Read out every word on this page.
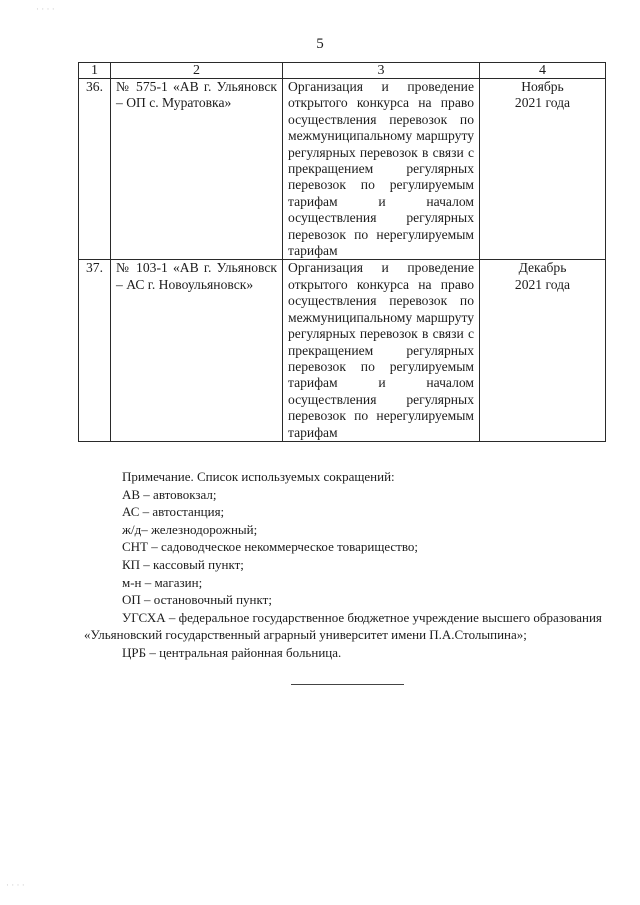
5
1	2	3	4
36.	№ 575-1 «АВ г. Ульяновск – ОП с. Муратовка»	Организация и проведение открытого конкурса на право осуществления перевозок по межмуниципальному маршруту регулярных перевозок в связи с прекращением регулярных перевозок по регулируемым тарифам и началом осуществления регулярных перевозок по нерегулируемым тарифам	Ноябрь
2021 года

37.	№ 103-1 «АВ г. Ульяновск – АС г. Новоульяновск»	Организация и проведение открытого конкурса на право осуществления перевозок по межмуниципальному маршруту регулярных перевозок в связи с прекращением регулярных перевозок по регулируемым тарифам и началом осуществления регулярных перевозок по нерегулируемым тарифам	Декабрь
2021 года

Примечание. Список используемых сокращений:

АВ – автовокзал;

АС – автостанция;

ж/д– железнодорожный;

СНТ – садоводческое некоммерческое товарищество;

КП – кассовый пункт;

м-н – магазин;

ОП – остановочный пункт;

УГСХА – федеральное государственное бюджетное учреждение высшего образования

«Ульяновский государственный аграрный университет имени П.А.Столыпина»;

ЦРБ – центральная районная больница.

· · · ·
· · · ·
